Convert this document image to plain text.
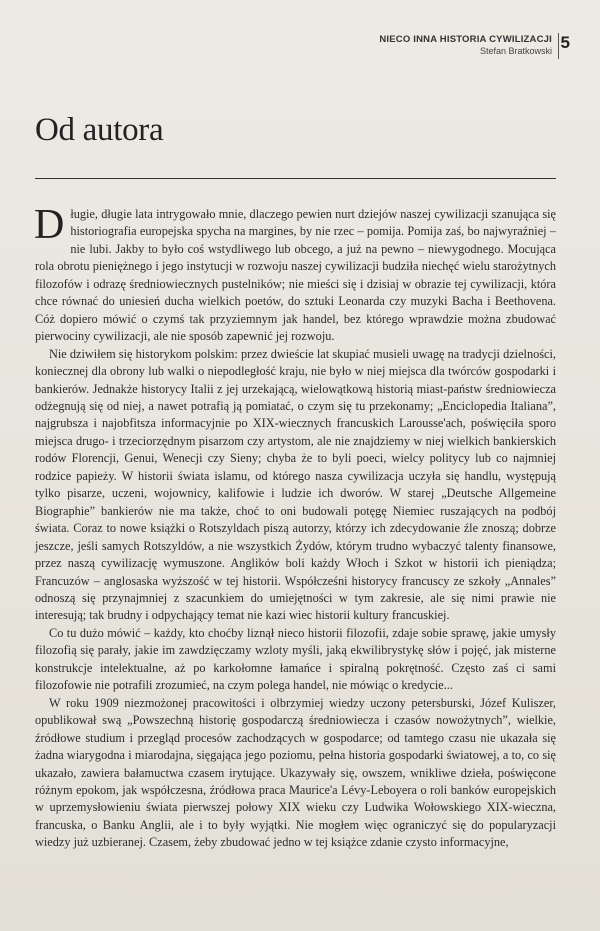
NIECO INNA HISTORIA CYWILIZACJI
Stefan Bratkowski 5
Od autora

Długie, długie lata intrygowało mnie, dlaczego pewien nurt dziejów naszej cywilizacji szanująca się historiografia europejska spycha na margines, by nie rzec – pomija. Pomija zaś, bo najwyraźniej – nie lubi. Jakby to było coś wstydliwego lub obcego, a już na pewno – niewygodnego. Mocująca rola obrotu pieniężnego i jego instytucji w rozwoju naszej cywilizacji budziła niechęć wielu starożytnych filozofów i odrazę średniowiecznych pustelników; nie mieści się i dzisiaj w obrazie tej cywilizacji, która chce równać do uniesień ducha wielkich poetów, do sztuki Leonarda czy muzyki Bacha i Beethovena. Cóż dopiero mówić o czymś tak przyziemnym jak handel, bez którego wprawdzie można zbudować pierwociny cywilizacji, ale nie sposób zapewnić jej rozwoju.

Nie dziwiłem się historykom polskim: przez dwieście lat skupiać musieli uwagę na tradycji dzielności, koniecznej dla obrony lub walki o niepodległość kraju, nie było w niej miejsca dla twórców gospodarki i bankierów. Jednakże historycy Italii z jej urzekającą, wielowątkową historią miast-państw średniowiecza odżegnują się od niej, a nawet potrafią ją pomiatać, o czym się tu przekonamy; „Enciclopedia Italiana”, najgrubsza i najobfitsza informacyjnie po XIX-wiecznych francuskich Larousse'ach, poświęciła sporo miejsca drugo- i trzeciorzędnym pisarzom czy artystom, ale nie znajdziemy w niej wielkich bankierskich rodów Florencji, Genui, Wenecji czy Sieny; chyba że to byli poeci, wielcy politycy lub co najmniej rodzice papieży. W historii świata islamu, od którego nasza cywilizacja uczyła się handlu, występują tylko pisarze, uczeni, wojownicy, kalifowie i ludzie ich dworów. W starej „Deutsche Allgemeine Biographie” bankierów nie ma także, choć to oni budowali potęgę Niemiec ruszających na podbój świata. Coraz to nowe książki o Rotszyldach piszą autorzy, którzy ich zdecydowanie źle znoszą; dobrze jeszcze, jeśli samych Rotszyldów, a nie wszystkich Żydów, którym trudno wybaczyć talenty finansowe, przez naszą cywilizację wymuszone. Anglików boli każdy Włoch i Szkot w historii ich pieniądza; Francuzów – anglosaska wyższość w tej historii. Współcześni historycy francuscy ze szkoły „Annales” odnoszą się przynajmniej z szacunkiem do umiejętności w tym zakresie, ale się nimi prawie nie interesują; tak brudny i odpychający temat nie kazi wiec historii kultury francuskiej.

Co tu dużo mówić – każdy, kto choćby liznął nieco historii filozofii, zdaje sobie sprawę, jakie umysły filozofią się parały, jakie im zawdzięczamy wzloty myśli, jaką ekwilibrystykę słów i pojęć, jak misterne konstrukcje intelektualne, aż po karkołomne łamańce i spiralną pokrętność. Często zaś ci sami filozofowie nie potrafili zrozumieć, na czym polega handel, nie mówiąc o kredycie...

W roku 1909 niezmożonej pracowitości i olbrzymiej wiedzy uczony petersburski, Józef Kuliszer, opublikował swą „Powszechną historię gospodarczą średniowiecza i czasów nowożytnych”, wielkie, źródłowe studium i przegląd procesów zachodzących w gospodarce; od tamtego czasu nie ukazała się żadna wiarygodna i miarodajna, sięgająca jego poziomu, pełna historia gospodarki światowej, a to, co się ukazało, zawiera bałamuctwa czasem irytujące. Ukazywały się, owszem, wnikliwe dzieła, poświęcone różnym epokom, jak współczesna, źródłowa praca Maurice'a Lévy-Leboyera o roli banków europejskich w uprzemysłowieniu świata pierwszej połowy XIX wieku czy Ludwika Wołowskiego XIX-wieczna, francuska, o Banku Anglii, ale i to były wyjątki. Nie mogłem więc ograniczyć się do popularyzacji wiedzy już uzbieranej. Czasem, żeby zbudować jedno w tej książce zdanie czysto informacyjne,
